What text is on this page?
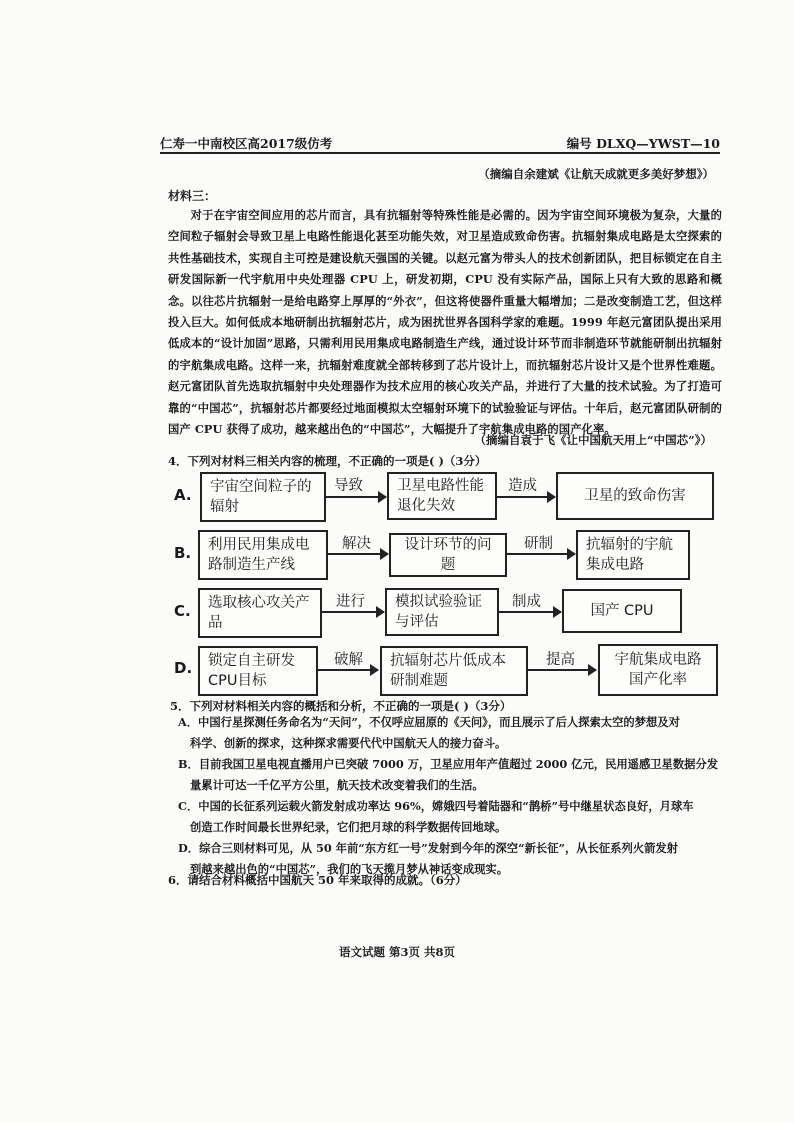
仁寿一中南校区高2017级仿考	编号 DLXQ—YWST—10
（摘编自余建斌《让航天成就更多美好梦想》）
材料三：
对于在宇宙空间应用的芯片而言，具有抗辐射等特殊性能是必需的。因为宇宙空间环境极为复杂，大量的空间粒子辐射会导致卫星上电路性能退化甚至功能失效，对卫星造成致命伤害。抗辐射集成电路是太空探索的共性基础技术，实现自主可控是建设航天强国的关键。以赵元富为带头人的技术创新团队，把目标锁定在自主研发国际新一代宇航用中央处理器 CPU 上，研发初期，CPU 没有实际产品，国际上只有大致的思路和概念。以往芯片抗辐射一是给电路穿上厚厚的“外衣”，但这将使器件重量大幅增加；二是改变制造工艺，但这样投入巨大。如何低成本地研制出抗辐射芯片，成为困扰世界各国科学家的难题。1999 年赵元富团队提出采用低成本的“设计加固”思路，只需利用民用集成电路制造生产线，通过设计环节而非制造环节就能研制出抗辐射的宇航集成电路。这样一来，抗辐射难度就全部转移到了芯片设计上，而抗辐射芯片设计又是个世界性难题。赵元富团队首先选取抗辐射中央处理器作为技术应用的核心攻关产品，并进行了大量的技术试验。为了打造可靠的“中国芯”，抗辐射芯片都要经过地面模拟太空辐射环境下的试验验证与评估。十年后，赵元富团队研制的国产 CPU 获得了成功，越来越出色的“中国芯”，大幅提升了宇航集成电路的国产化率。
（摘编自袁于飞《让中国航天用上“中国芯”》）
4．下列对材料三相关内容的梳理，不正确的一项是( )（3分）
A.	宇宙空间粒子的辐射
导致	卫星电路性能退化失效
造成
卫星的致命伤害
B.	利用民用集成电路制造生产线
解决	设计环节的问题
研制	抗辐射的宇航集成电路
C.	选取核心攻关产品
进行	模拟试验验证与评估
制成
国产 CPU
D.	锁定自主研发CPU目标
破解	抗辐射芯片低成本研制难题
提高	宇航集成电路国产化率
5．下列对材料相关内容的概括和分析，不正确的一项是( )（3分）
A．中国行星探测任务命名为“天问”，不仅呼应屈原的《天问》，而且展示了后人探索太空的梦想及对
科学、创新的探求，这种探求需要代代中国航天人的接力奋斗。
B．目前我国卫星电视直播用户已突破 7000 万，卫星应用年产值超过 2000 亿元，民用遥感卫星数据分发
量累计可达一千亿平方公里，航天技术改变着我们的生活。
C．中国的长征系列运载火箭发射成功率达 96%，嫦娥四号着陆器和“鹊桥”号中继星状态良好，月球车
创造工作时间最长世界纪录，它们把月球的科学数据传回地球。
D．综合三则材料可见，从 50 年前“东方红一号”发射到今年的深空“新长征”，从长征系列火箭发射
到越来越出色的“中国芯”，我们的飞天揽月梦从神话变成现实。
6．请结合材料概括中国航天 50 年来取得的成就。（6分）
语文试题 第3页 共8页
